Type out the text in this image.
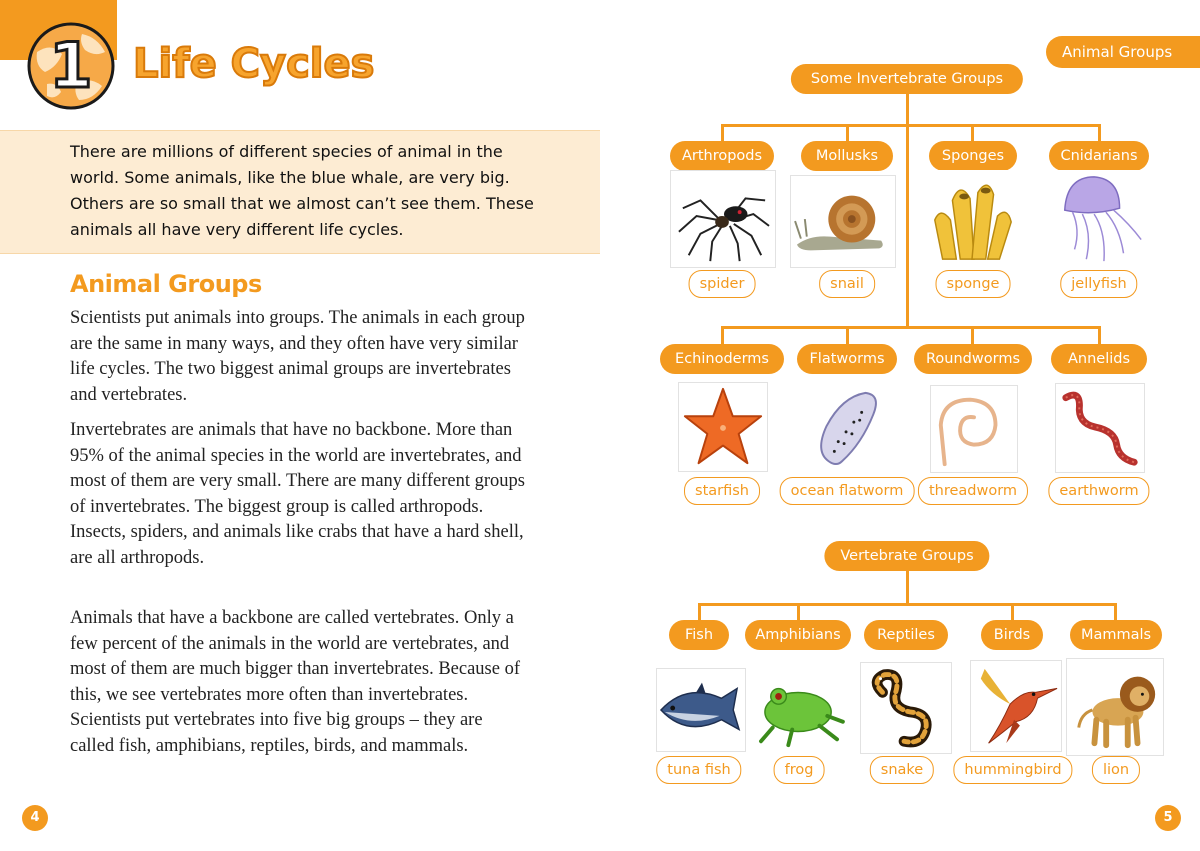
1	Life Cycles
There are millions of different species of animal in the world. Some animals, like the blue whale, are very big. Others are so small that we almost can’t see them. These animals all have very different life cycles.
Animal Groups

Scientists put animals into groups. The animals in each group are the same in many ways, and they often have very similar life cycles. The two biggest animal groups are invertebrates and vertebrates.

Invertebrates are animals that have no backbone. More than 95% of the animal species in the world are invertebrates, and most of them are very small. There are many different groups of invertebrates. The biggest group is called arthropods. Insects, spiders, and animals like crabs that have a hard shell, are all arthropods.

Animals that have a backbone are called vertebrates. Only a few percent of the animals in the world are vertebrates, and most of them are much bigger than invertebrates. Because of this, we see vertebrates more often than invertebrates. Scientists put vertebrates into five big groups – they are called fish, amphibians, reptiles, birds, and mammals.

4
Animal Groups
5
Some Invertebrate Groups
Arthropods	Mollusks	Sponges	Cnidarians
spider	snail	sponge	jellyfish
Echinoderms	Flatworms	Roundworms	Annelids
starfish	ocean flatworm	threadworm	earthworm
Vertebrate Groups
Fish	Amphibians	Reptiles	Birds	Mammals
tuna fish	frog	snake	hummingbird	lion
